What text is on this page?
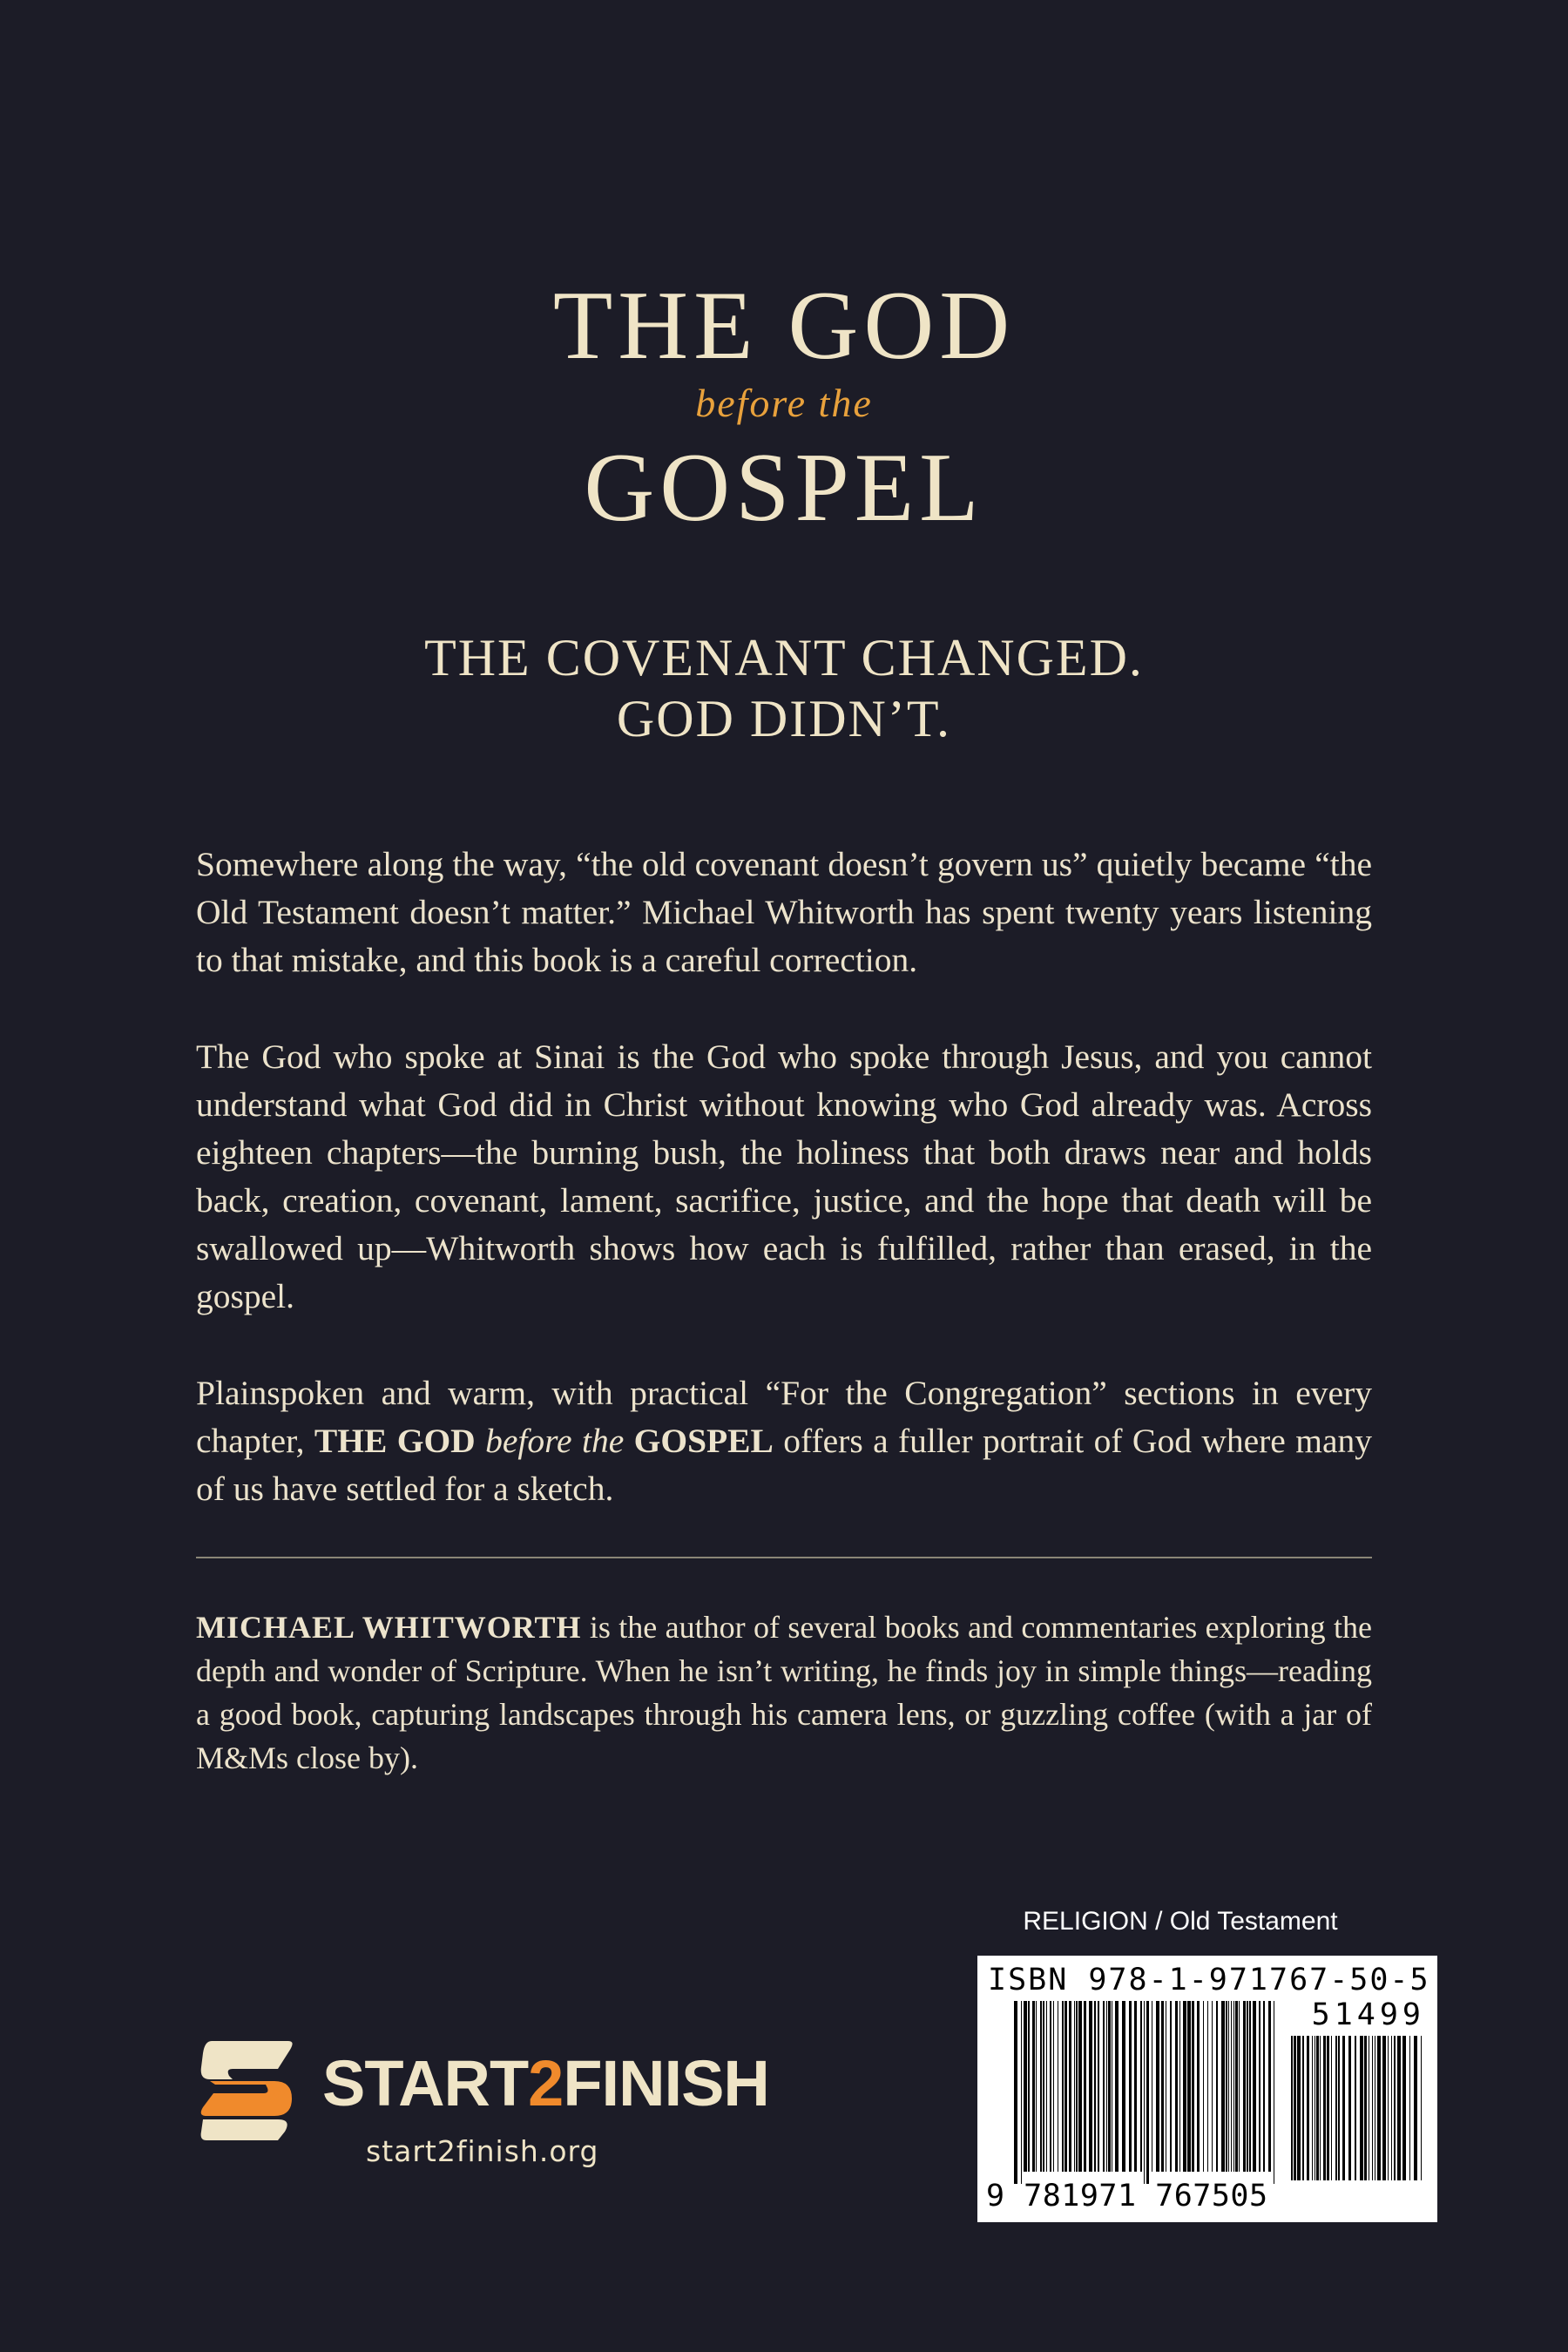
THE GOD
before the
GOSPEL
THE COVENANT CHANGED.
GOD DIDN’T.

Somewhere along the way, “the old covenant doesn’t govern us” quietly became “the Old Testament doesn’t matter.” Michael Whitworth has spent twenty years listening to that mistake, and this book is a careful correction.

The God who spoke at Sinai is the God who spoke through Jesus, and you cannot understand what God did in Christ without knowing who God already was. Across eighteen chapters—the burning bush, the holiness that both draws near and holds back, creation, covenant, lament, sacrifice, justice, and the hope that death will be swallowed up—Whitworth shows how each is fulfilled, rather than erased, in the gospel.

Plainspoken and warm, with practical “For the Congregation” sections in every chapter, THE GOD before the GOSPEL offers a fuller portrait of God where many of us have settled for a sketch.

MICHAEL WHITWORTH is the author of several books and commentaries exploring the depth and wonder of Scripture. When he isn’t writing, he finds joy in simple things—reading a good book, capturing landscapes through his camera lens, or guzzling coffee (with a jar of M&Ms close by).

RELIGION / Old Testament
ISBN 978-1-971767-50-5
51499
9 781971 767505
START2FINISH
start2finish.org
